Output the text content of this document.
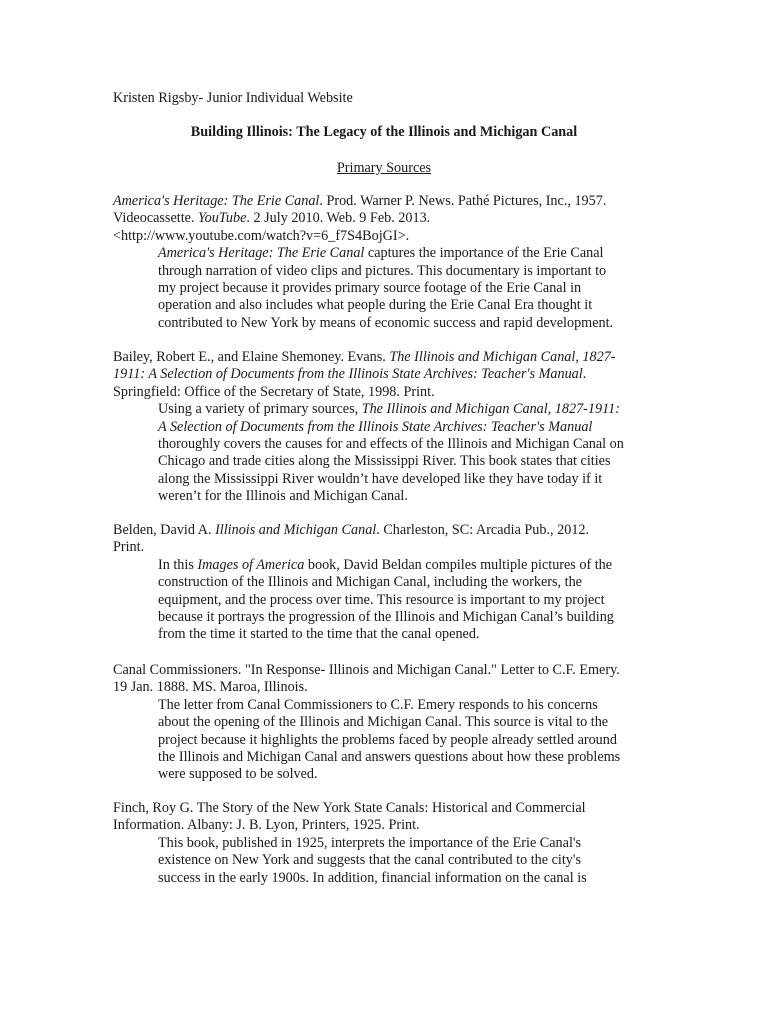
Kristen Rigsby- Junior Individual Website

Building Illinois: The Legacy of the Illinois and Michigan Canal

Primary Sources

America's Heritage: The Erie Canal. Prod. Warner P. News. Pathé Pictures, Inc., 1957.
Videocassette. YouTube. 2 July 2010. Web. 9 Feb. 2013.
<http://www.youtube.com/watch?v=6_f7S4BojGI>.
America's Heritage: The Erie Canal captures the importance of the Erie Canal
through narration of video clips and pictures. This documentary is important to
my project because it provides primary source footage of the Erie Canal in
operation and also includes what people during the Erie Canal Era thought it
contributed to New York by means of economic success and rapid development.
Bailey, Robert E., and Elaine Shemoney. Evans. The Illinois and Michigan Canal, 1827-
1911: A Selection of Documents from the Illinois State Archives: Teacher's Manual.
Springfield: Office of the Secretary of State, 1998. Print.
Using a variety of primary sources, The Illinois and Michigan Canal, 1827-1911:
A Selection of Documents from the Illinois State Archives: Teacher's Manual
thoroughly covers the causes for and effects of the Illinois and Michigan Canal on
Chicago and trade cities along the Mississippi River. This book states that cities
along the Mississippi River wouldn’t have developed like they have today if it
weren’t for the Illinois and Michigan Canal.
Belden, David A. Illinois and Michigan Canal. Charleston, SC: Arcadia Pub., 2012.
Print.
In this Images of America book, David Beldan compiles multiple pictures of the
construction of the Illinois and Michigan Canal, including the workers, the
equipment, and the process over time. This resource is important to my project
because it portrays the progression of the Illinois and Michigan Canal’s building
from the time it started to the time that the canal opened.
Canal Commissioners. "In Response- Illinois and Michigan Canal." Letter to C.F. Emery.
19 Jan. 1888. MS. Maroa, Illinois.
The letter from Canal Commissioners to C.F. Emery responds to his concerns
about the opening of the Illinois and Michigan Canal. This source is vital to the
project because it highlights the problems faced by people already settled around
the Illinois and Michigan Canal and answers questions about how these problems
were supposed to be solved.
Finch, Roy G. The Story of the New York State Canals: Historical and Commercial
Information. Albany: J. B. Lyon, Printers, 1925. Print.
This book, published in 1925, interprets the importance of the Erie Canal's
existence on New York and suggests that the canal contributed to the city's
success in the early 1900s. In addition, financial information on the canal is
